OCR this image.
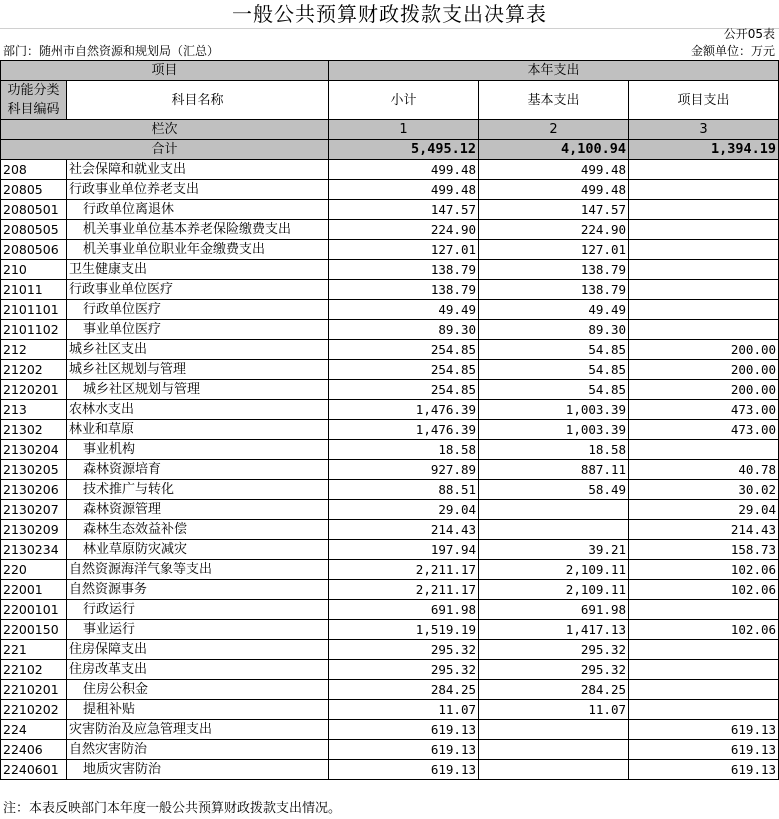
一般公共预算财政拨款支出决算表
公开05表
部门：随州市自然资源和规划局（汇总）	金额单位：万元
项目		本年支出		
功能分类科目编码	科目名称	小计	基本支出	项目支出
栏次		1	2	3
合计		5,495.12	4,100.94	1,394.19
208	社会保障和就业支出	499.48	499.48	
20805	行政事业单位养老支出	499.48	499.48	
2080501	行政单位离退休	147.57	147.57	
2080505	机关事业单位基本养老保险缴费支出	224.90	224.90	
2080506	机关事业单位职业年金缴费支出	127.01	127.01	
210	卫生健康支出	138.79	138.79	
21011	行政事业单位医疗	138.79	138.79	
2101101	行政单位医疗	49.49	49.49	
2101102	事业单位医疗	89.30	89.30	
212	城乡社区支出	254.85	54.85	200.00
21202	城乡社区规划与管理	254.85	54.85	200.00
2120201	城乡社区规划与管理	254.85	54.85	200.00
213	农林水支出	1,476.39	1,003.39	473.00
21302	林业和草原	1,476.39	1,003.39	473.00
2130204	事业机构	18.58	18.58	
2130205	森林资源培育	927.89	887.11	40.78
2130206	技术推广与转化	88.51	58.49	30.02
2130207	森林资源管理	29.04		29.04
2130209	森林生态效益补偿	214.43		214.43
2130234	林业草原防灾减灾	197.94	39.21	158.73
220	自然资源海洋气象等支出	2,211.17	2,109.11	102.06
22001	自然资源事务	2,211.17	2,109.11	102.06
2200101	行政运行	691.98	691.98	
2200150	事业运行	1,519.19	1,417.13	102.06
221	住房保障支出	295.32	295.32	
22102	住房改革支出	295.32	295.32	
2210201	住房公积金	284.25	284.25	
2210202	提租补贴	11.07	11.07	
224	灾害防治及应急管理支出	619.13		619.13
22406	自然灾害防治	619.13		619.13
2240601	地质灾害防治	619.13		619.13
注：本表反映部门本年度一般公共预算财政拨款支出情况。
